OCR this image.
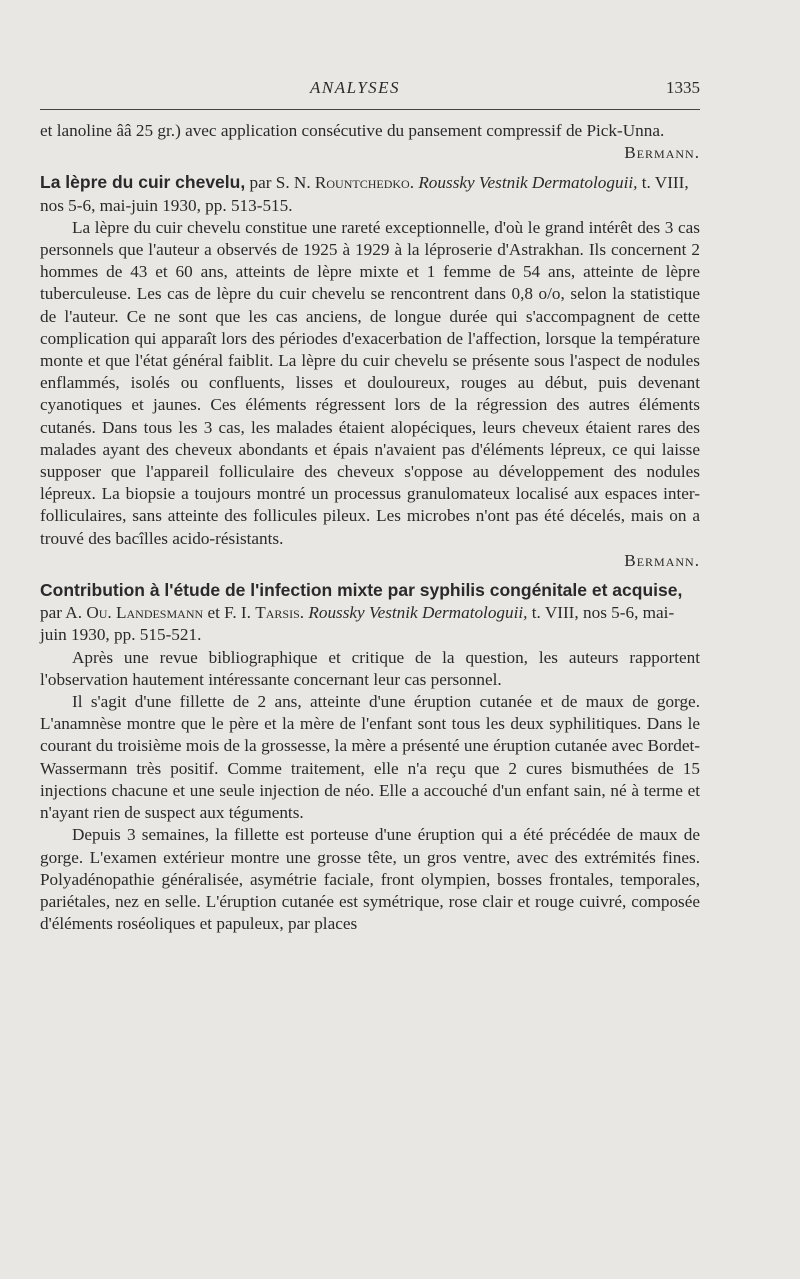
ANALYSES	1335

et lanoline ââ 25 gr.) avec application consécutive du pansement compressif de Pick-Unna.

Bermann.

La lèpre du cuir chevelu, par S. N. Rountchedko. Roussky Vestnik Dermatologuii, t. VIII, nos 5-6, mai-juin 1930, pp. 513-515.

La lèpre du cuir chevelu constitue une rareté exceptionnelle, d'où le grand intérêt des 3 cas personnels que l'auteur a observés de 1925 à 1929 à la léproserie d'Astrakhan. Ils concernent 2 hommes de 43 et 60 ans, atteints de lèpre mixte et 1 femme de 54 ans, atteinte de lèpre tuberculeuse. Les cas de lèpre du cuir chevelu se rencontrent dans 0,8 o/o, selon la statistique de l'auteur. Ce ne sont que les cas anciens, de longue durée qui s'accompagnent de cette complication qui apparaît lors des périodes d'exacerbation de l'affection, lorsque la température monte et que l'état général faiblit. La lèpre du cuir chevelu se présente sous l'aspect de nodules enflammés, isolés ou confluents, lisses et douloureux, rouges au début, puis devenant cyanotiques et jaunes. Ces éléments régressent lors de la régression des autres éléments cutanés. Dans tous les 3 cas, les malades étaient alopéciques, leurs cheveux étaient rares des malades ayant des cheveux abondants et épais n'avaient pas d'éléments lépreux, ce qui laisse supposer que l'appareil folliculaire des cheveux s'oppose au développement des nodules lépreux. La biopsie a toujours montré un processus granulomateux localisé aux espaces inter-folliculaires, sans atteinte des follicules pileux. Les microbes n'ont pas été décelés, mais on a trouvé des bacîlles acido-résistants.

Bermann.

Contribution à l'étude de l'infection mixte par syphilis congénitale et acquise, par A. Ou. Landesmann et F. I. Tarsis. Roussky Vestnik Dermatologuii, t. VIII, nos 5-6, mai-juin 1930, pp. 515-521.

Après une revue bibliographique et critique de la question, les auteurs rapportent l'observation hautement intéressante concernant leur cas personnel.

Il s'agit d'une fillette de 2 ans, atteinte d'une éruption cutanée et de maux de gorge. L'anamnèse montre que le père et la mère de l'enfant sont tous les deux syphilitiques. Dans le courant du troisième mois de la grossesse, la mère a présenté une éruption cutanée avec Bordet-Wassermann très positif. Comme traitement, elle n'a reçu que 2 cures bismuthées de 15 injections chacune et une seule injection de néo. Elle a accouché d'un enfant sain, né à terme et n'ayant rien de suspect aux téguments.

Depuis 3 semaines, la fillette est porteuse d'une éruption qui a été précédée de maux de gorge. L'examen extérieur montre une grosse tête, un gros ventre, avec des extrémités fines. Polyadénopathie généralisée, asymétrie faciale, front olympien, bosses frontales, temporales, pariétales, nez en selle. L'éruption cutanée est symétrique, rose clair et rouge cuivré, composée d'éléments roséoliques et papuleux, par places
